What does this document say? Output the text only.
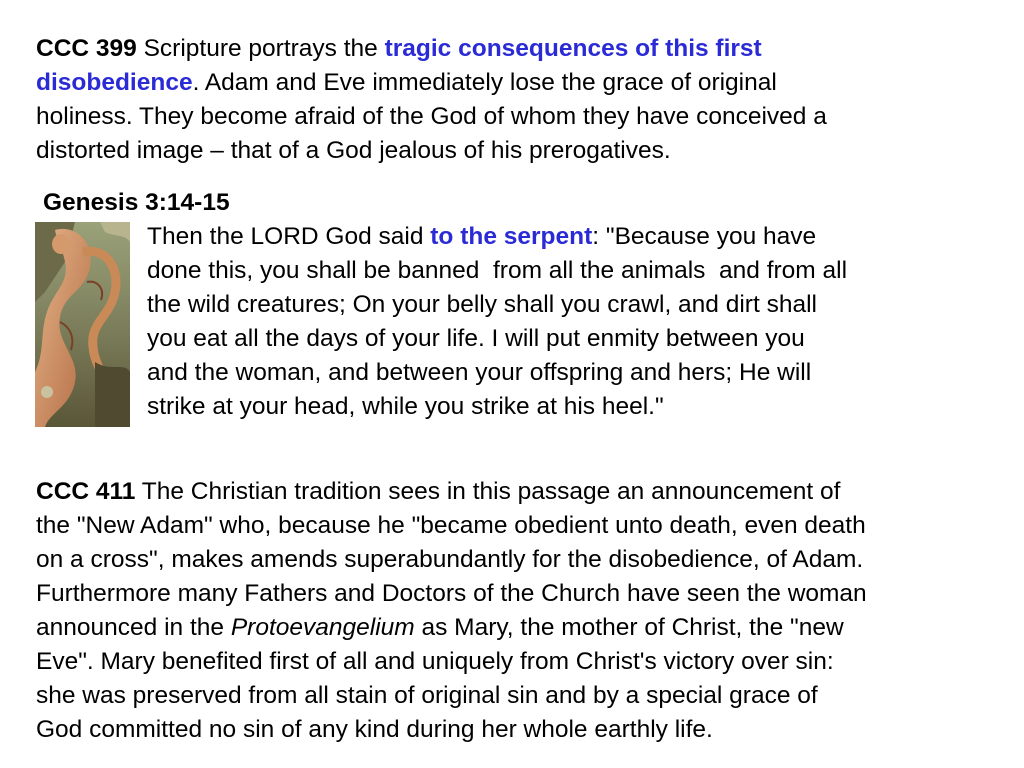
CCC 399 Scripture portrays the tragic consequences of this first
disobedience. Adam and Eve immediately lose the grace of original
holiness. They become afraid of the God of whom they have conceived a
distorted image – that of a God jealous of his prerogatives.

Genesis 3:14-15

Then the LORD God said to the serpent: "Because you have
done this, you shall be banned  from all the animals  and from all
the wild creatures; On your belly shall you crawl, and dirt shall
you eat all the days of your life. I will put enmity between you
and the woman, and between your offspring and hers; He will
strike at your head, while you strike at his heel."

CCC 411 The Christian tradition sees in this passage an announcement of
the "New Adam" who, because he "became obedient unto death, even death
on a cross", makes amends superabundantly for the disobedience, of Adam.
Furthermore many Fathers and Doctors of the Church have seen the woman
announced in the Protoevangelium as Mary, the mother of Christ, the "new
Eve". Mary benefited first of all and uniquely from Christ's victory over sin:
she was preserved from all stain of original sin and by a special grace of
God committed no sin of any kind during her whole earthly life.
